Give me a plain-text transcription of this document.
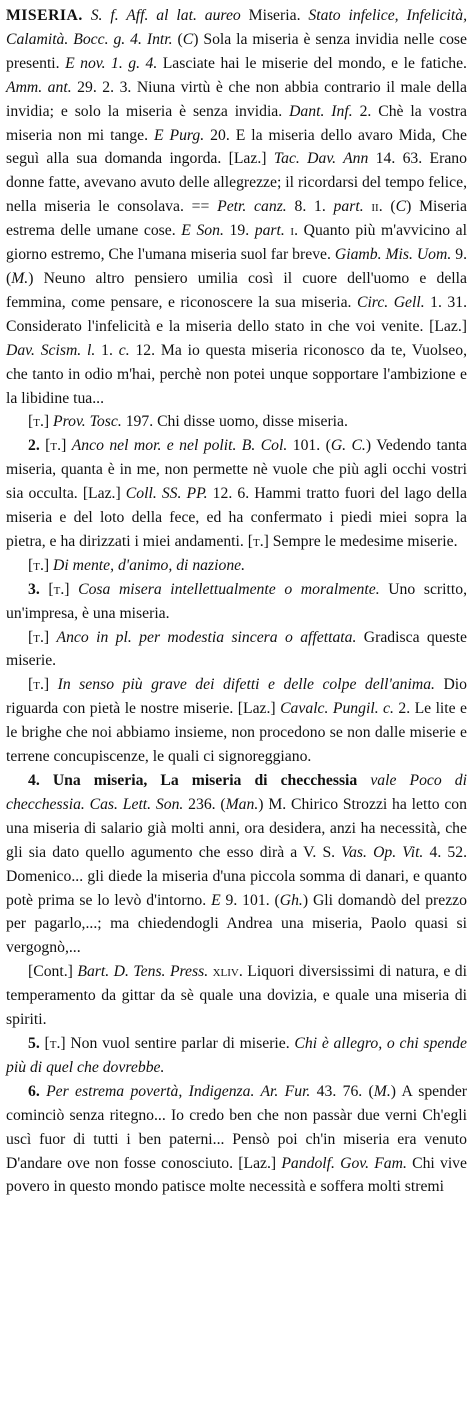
MISERIA. S. f. Aff. al lat. aureo Miseria. Stato infelice, Infelicità, Calamità. Bocc. g. 4. Intr. (C) Sola la miseria è senza invidia nelle cose presenti. E nov. 1. g. 4. Lasciate hai le miserie del mondo, e le fatiche. Amm. ant. 29. 2. 3. Niuna virtù è che non abbia contrario il male della invidia; e solo la miseria è senza invidia. Dant. Inf. 2. Chè la vostra miseria non mi tange. E Purg. 20. E la miseria dello avaro Mida, Che seguì alla sua domanda ingorda. [Laz.] Tac. Dav. Ann 14. 63. Erano donne fatte, avevano avuto delle allegrezze; il ricordarsi del tempo felice, nella miseria le consolava. == Petr. canz. 8. 1. part. ii. (C) Miseria estrema delle umane cose. E Son. 19. part. i. Quanto più m'avvicino al giorno estremo, Che l'umana miseria suol far breve. Giamb. Mis. Uom. 9. (M.) Neuno altro pensiero umilia così il cuore dell'uomo e della femmina, come pensare, e riconoscere la sua miseria. Circ. Gell. 1. 31. Considerato l'infelicità e la miseria dello stato in che voi venite. [Laz.] Dav. Scism. l. 1. c. 12. Ma io questa miseria riconosco da te, Vuolseo, che tanto in odio m'hai, perchè non potei unque sopportare l'ambizione e la libidine tua...

[t.] Prov. Tosc. 197. Chi disse uomo, disse miseria.

2. [t.] Anco nel mor. e nel polit. B. Col. 101. (G. C.) Vedendo tanta miseria, quanta è in me, non permette nè vuole che più agli occhi vostri sia occulta. [Laz.] Coll. SS. PP. 12. 6. Hammi tratto fuori del lago della miseria e del loto della fece, ed ha confermato i piedi miei sopra la pietra, e ha dirizzati i miei andamenti. [t.] Sempre le medesime miserie.

[t.] Di mente, d'animo, di nazione.

3. [t.] Cosa misera intellettualmente o moralmente. Uno scritto, un'impresa, è una miseria.

[t.] Anco in pl. per modestia sincera o affettata. Gradisca queste miserie.

[t.] In senso più grave dei difetti e delle colpe dell'anima. Dio riguarda con pietà le nostre miserie. [Laz.] Cavalc. Pungil. c. 2. Le lite e le brighe che noi abbiamo insieme, non procedono se non dalle miserie e terrene concupiscenze, le quali ci signoreggiano.

4. Una miseria, La miseria di checchessia vale Poco di checchessia. Cas. Lett. Son. 236. (Man.) M. Chirico Strozzi ha letto con una miseria di salario già molti anni, ora desidera, anzi ha necessità, che gli sia dato quello agumento che esso dirà a V. S. Vas. Op. Vit. 4. 52. Domenico... gli diede la miseria d'una piccola somma di danari, e quanto potè prima se lo levò d'intorno. E 9. 101. (Gh.) Gli domandò del prezzo per pagarlo,...; ma chiedendogli Andrea una miseria, Paolo quasi si vergognò,...

[Cont.] Bart. D. Tens. Press. xliv. Liquori diversissimi di natura, e di temperamento da gittar da sè quale una dovizia, e quale una miseria di spiriti.

5. [t.] Non vuol sentire parlar di miserie. Chi è allegro, o chi spende più di quel che dovrebbe.

6. Per estrema povertà, Indigenza. Ar. Fur. 43. 76. (M.) A spender cominciò senza ritegno... Io credo ben che non passàr due verni Ch'egli uscì fuor di tutti i ben paterni... Pensò poi ch'in miseria era venuto D'andare ove non fosse conosciuto. [Laz.] Pandolf. Gov. Fam. Chi vive povero in questo mondo patisce molte necessità e soffera molti stremi
